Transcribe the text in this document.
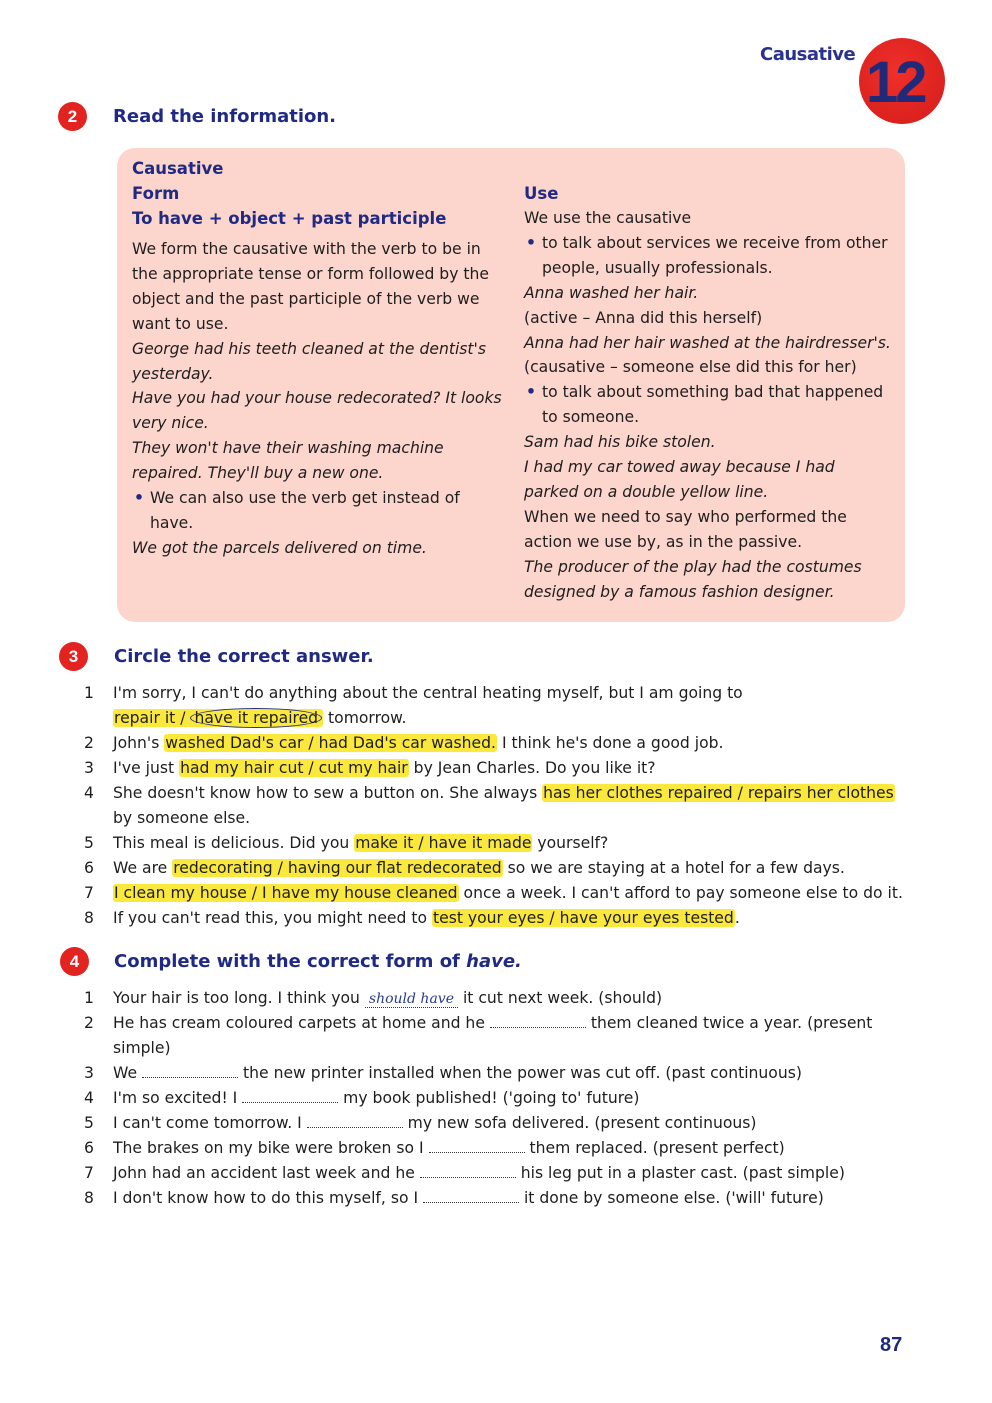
Causative 12
2	Read the information.
Causative
Form
To have + object + past participle
We form the causative with the verb to be in the appropriate tense or form followed by the object and the past participle of the verb we want to use.
George had his teeth cleaned at the dentist's yesterday.
Have you had your house redecorated? It looks very nice.
They won't have their washing machine repaired. They'll buy a new one.
• We can also use the verb get instead of have.
We got the parcels delivered on time.
Use
We use the causative
• to talk about services we receive from other people, usually professionals.
Anna washed her hair.
(active – Anna did this herself)
Anna had her hair washed at the hairdresser's.
(causative – someone else did this for her)
• to talk about something bad that happened to someone.
Sam had his bike stolen.
I had my car towed away because I had parked on a double yellow line.
When we need to say who performed the action we use by, as in the passive.
The producer of the play had the costumes designed by a famous fashion designer.
3	Circle the correct answer.
1	I'm sorry, I can't do anything about the central heating myself, but I am going to
repair it / have it repaired tomorrow.
2	John's washed Dad's car / had Dad's car washed. I think he's done a good job.
3	I've just had my hair cut / cut my hair by Jean Charles. Do you like it?
4	She doesn't know how to sew a button on. She always has her clothes repaired / repairs her clothes by someone else.
5	This meal is delicious. Did you make it / have it made yourself?
6	We are redecorating / having our flat redecorated so we are staying at a hotel for a few days.
7	I clean my house / I have my house cleaned once a week. I can't afford to pay someone else to do it.
8	If you can't read this, you might need to test your eyes / have your eyes tested.
4	Complete with the correct form of have.
1	Your hair is too long. I think you should have it cut next week. (should)
2	He has cream coloured carpets at home and he	them cleaned twice a year. (present simple)
3	We	the new printer installed when the power was cut off. (past continuous)
4	I'm so excited! I	my book published! ('going to' future)
5	I can't come tomorrow. I	my new sofa delivered. (present continuous)
6	The brakes on my bike were broken so I	them replaced. (present perfect)
7	John had an accident last week and he	his leg put in a plaster cast. (past simple)
8	I don't know how to do this myself, so I	it done by someone else. ('will' future)
87
